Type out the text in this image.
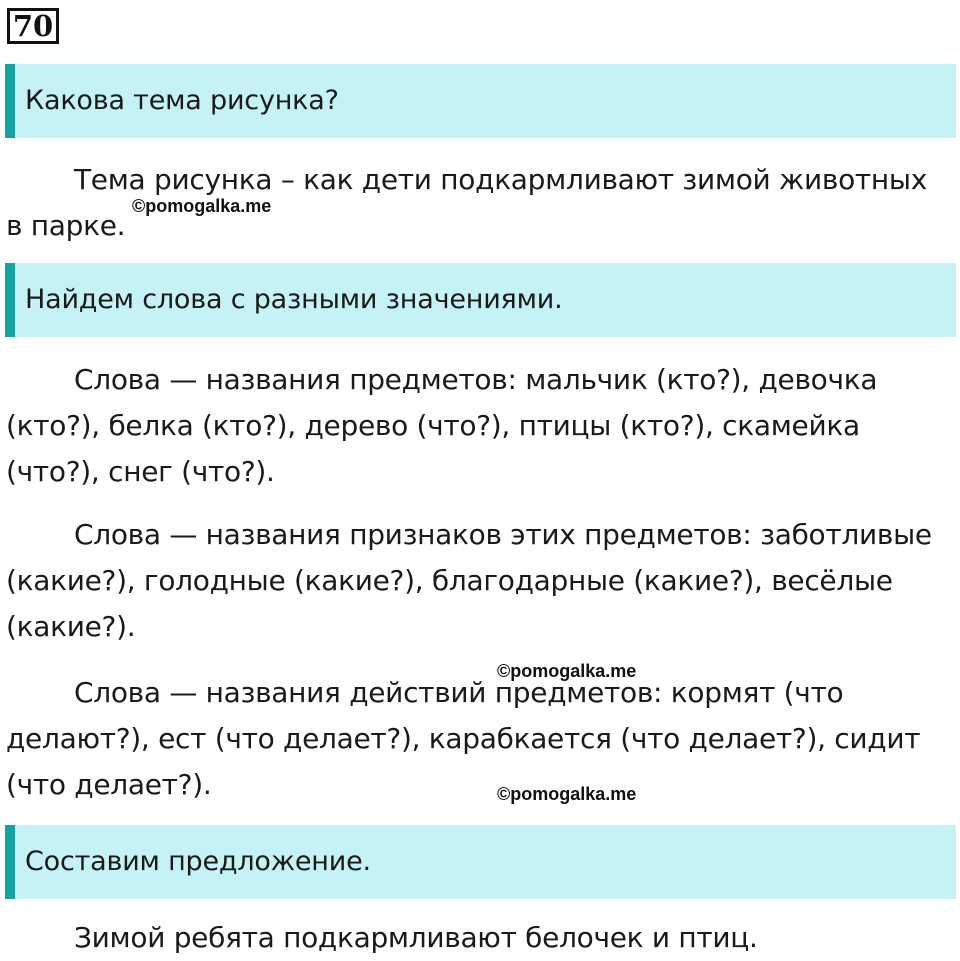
70
Какова тема рисунка?

Тема рисунка – как дети подкармливают зимой животных в парке.

Найдем слова с разными значениями.

Слова — названия предметов: мальчик (кто?), девочка (кто?), белка (кто?), дерево (что?), птицы (кто?), скамейка (что?), снег (что?).

Слова — названия признаков этих предметов: заботливые (какие?), голодные (какие?), благодарные (какие?), весёлые (какие?).

Слова — названия действий предметов: кормят (что делают?), ест (что делает?), карабкается (что делает?), сидит (что делает?).

Составим предложение.

Зимой ребята подкармливают белочек и птиц.

©pomogalka.me
©pomogalka.me
©pomogalka.me
